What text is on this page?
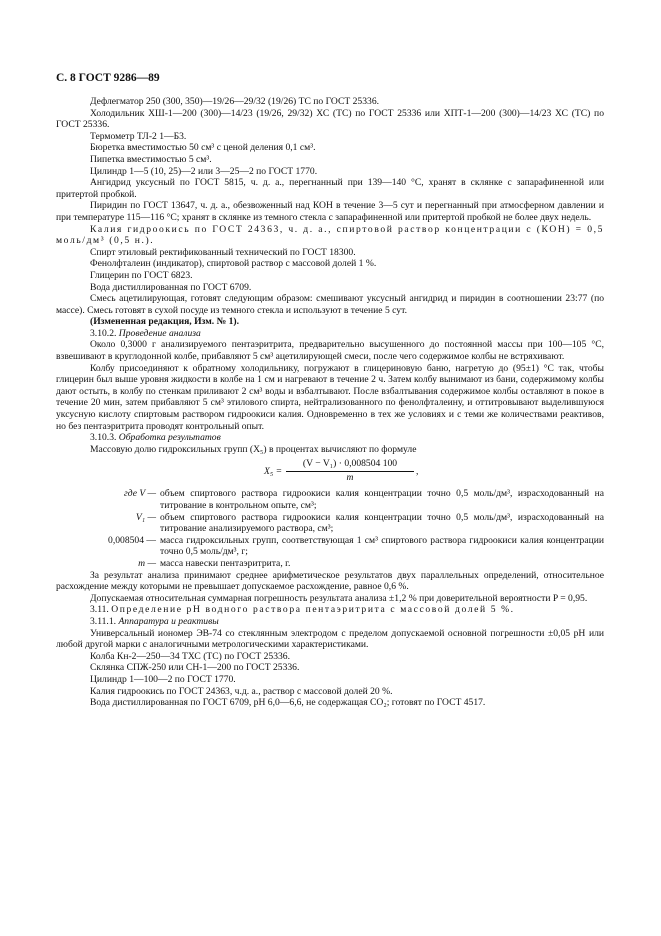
С. 8 ГОСТ 9286—89

Дефлегматор 250 (300, 350)—19/26—29/32 (19/26) ТС по ГОСТ 25336.

Холодильник ХШ-1—200 (300)—14/23 (19/26, 29/32) ХС (ТС) по ГОСТ 25336 или ХПТ-1—200 (300)—14/23 ХС (ТС) по ГОСТ 25336.

Термометр ТЛ-2 1—Б3.

Бюретка вместимостью 50 см³ с ценой деления 0,1 см³.

Пипетка вместимостью 5 см³.

Цилиндр 1—5 (10, 25)—2 или 3—25—2 по ГОСТ 1770.

Ангидрид уксусный по ГОСТ 5815, ч. д. а., перегнанный при 139—140 °С, хранят в склянке с запарафиненной или притертой пробкой.

Пиридин по ГОСТ 13647, ч. д. а., обезвоженный над КОН в течение 3—5 сут и перегнанный при атмосферном давлении и при температуре 115—116 °С; хранят в склянке из темного стекла с запарафиненной или притертой пробкой не более двух недель.

Калия гидроокись по ГОСТ 24363, ч. д. а., спиртовой раствор концентрации c (КОН) = 0,5 моль/дм³ (0,5 н.).

Спирт этиловый ректификованный технический по ГОСТ 18300.

Фенолфталеин (индикатор), спиртовой раствор с массовой долей 1 %.

Глицерин по ГОСТ 6823.

Вода дистиллированная по ГОСТ 6709.

Смесь ацетилирующая, готовят следующим образом: смешивают уксусный ангидрид и пиридин в соотношении 23:77 (по массе). Смесь готовят в сухой посуде из темного стекла и используют в течение 5 сут.

(Измененная редакция, Изм. № 1).

3.10.2. Проведение анализа

Около 0,3000 г анализируемого пентаэритрита, предварительно высушенного до постоянной массы при 100—105 °С, взвешивают в круглодонной колбе, прибавляют 5 см³ ацетилирующей смеси, после чего содержимое колбы не встряхивают.

Колбу присоединяют к обратному холодильнику, погружают в глицериновую баню, нагретую до (95±1) °С так, чтобы глицерин был выше уровня жидкости в колбе на 1 см и нагревают в течение 2 ч. Затем колбу вынимают из бани, содержимому колбы дают остыть, в колбу по стенкам приливают 2 см³ воды и взбалтывают. После взбалтывания содержимое колбы оставляют в покое в течение 20 мин, затем прибавляют 5 см³ этилового спирта, нейтрализованного по фенолфталеину, и оттитровывают выделившуюся уксусную кислоту спиртовым раствором гидроокиси калия. Одновременно в тех же условиях и с теми же количествами реактивов, но без пентаэритрита проводят контрольный опыт.

3.10.3. Обработка результатов

Массовую долю гидроксильных групп (X₅) в процентах вычисляют по формуле

$X_5 = \frac{\text{(V − V₁) · 0,008504 100}}{m}$ ,
где V — объем спиртового раствора гидроокиси калия концентрации точно 0,5 моль/дм³, израсходованный на титрование в контрольном опыте, см³;
V₁ — объем спиртового раствора гидроокиси калия концентрации точно 0,5 моль/дм³, израсходованный на титрование анализируемого раствора, см³;
0,008504 — масса гидроксильных групп, соответствующая 1 см³ спиртового раствора гидроокиси калия концентрации точно 0,5 моль/дм³, г;
m — масса навески пентаэритрита, г.

За результат анализа принимают среднее арифметическое результатов двух параллельных определений, относительное расхождение между которыми не превышает допускаемое расхождение, равное 0,6 %.

Допускаемая относительная суммарная погрешность результата анализа ±1,2 % при доверительной вероятности P = 0,95.

3.11. Определение рН водного раствора пентаэритрита с массовой долей 5 %.

3.11.1. Аппаратура и реактивы

Универсальный иономер ЭВ-74 со стеклянным электродом с пределом допускаемой основной погрешности ±0,05 рН или любой другой марки с аналогичными метрологическими характеристиками.

Колба Кн-2—250—34 ТХС (ТС) по ГОСТ 25336.

Склянка СПЖ-250 или СН-1—200 по ГОСТ 25336.

Цилиндр 1—100—2 по ГОСТ 1770.

Калия гидроокись по ГОСТ 24363, ч.д. а., раствор с массовой долей 20 %.

Вода дистиллированная по ГОСТ 6709, рН 6,0—6,6, не содержащая CO₂; готовят по ГОСТ 4517.
